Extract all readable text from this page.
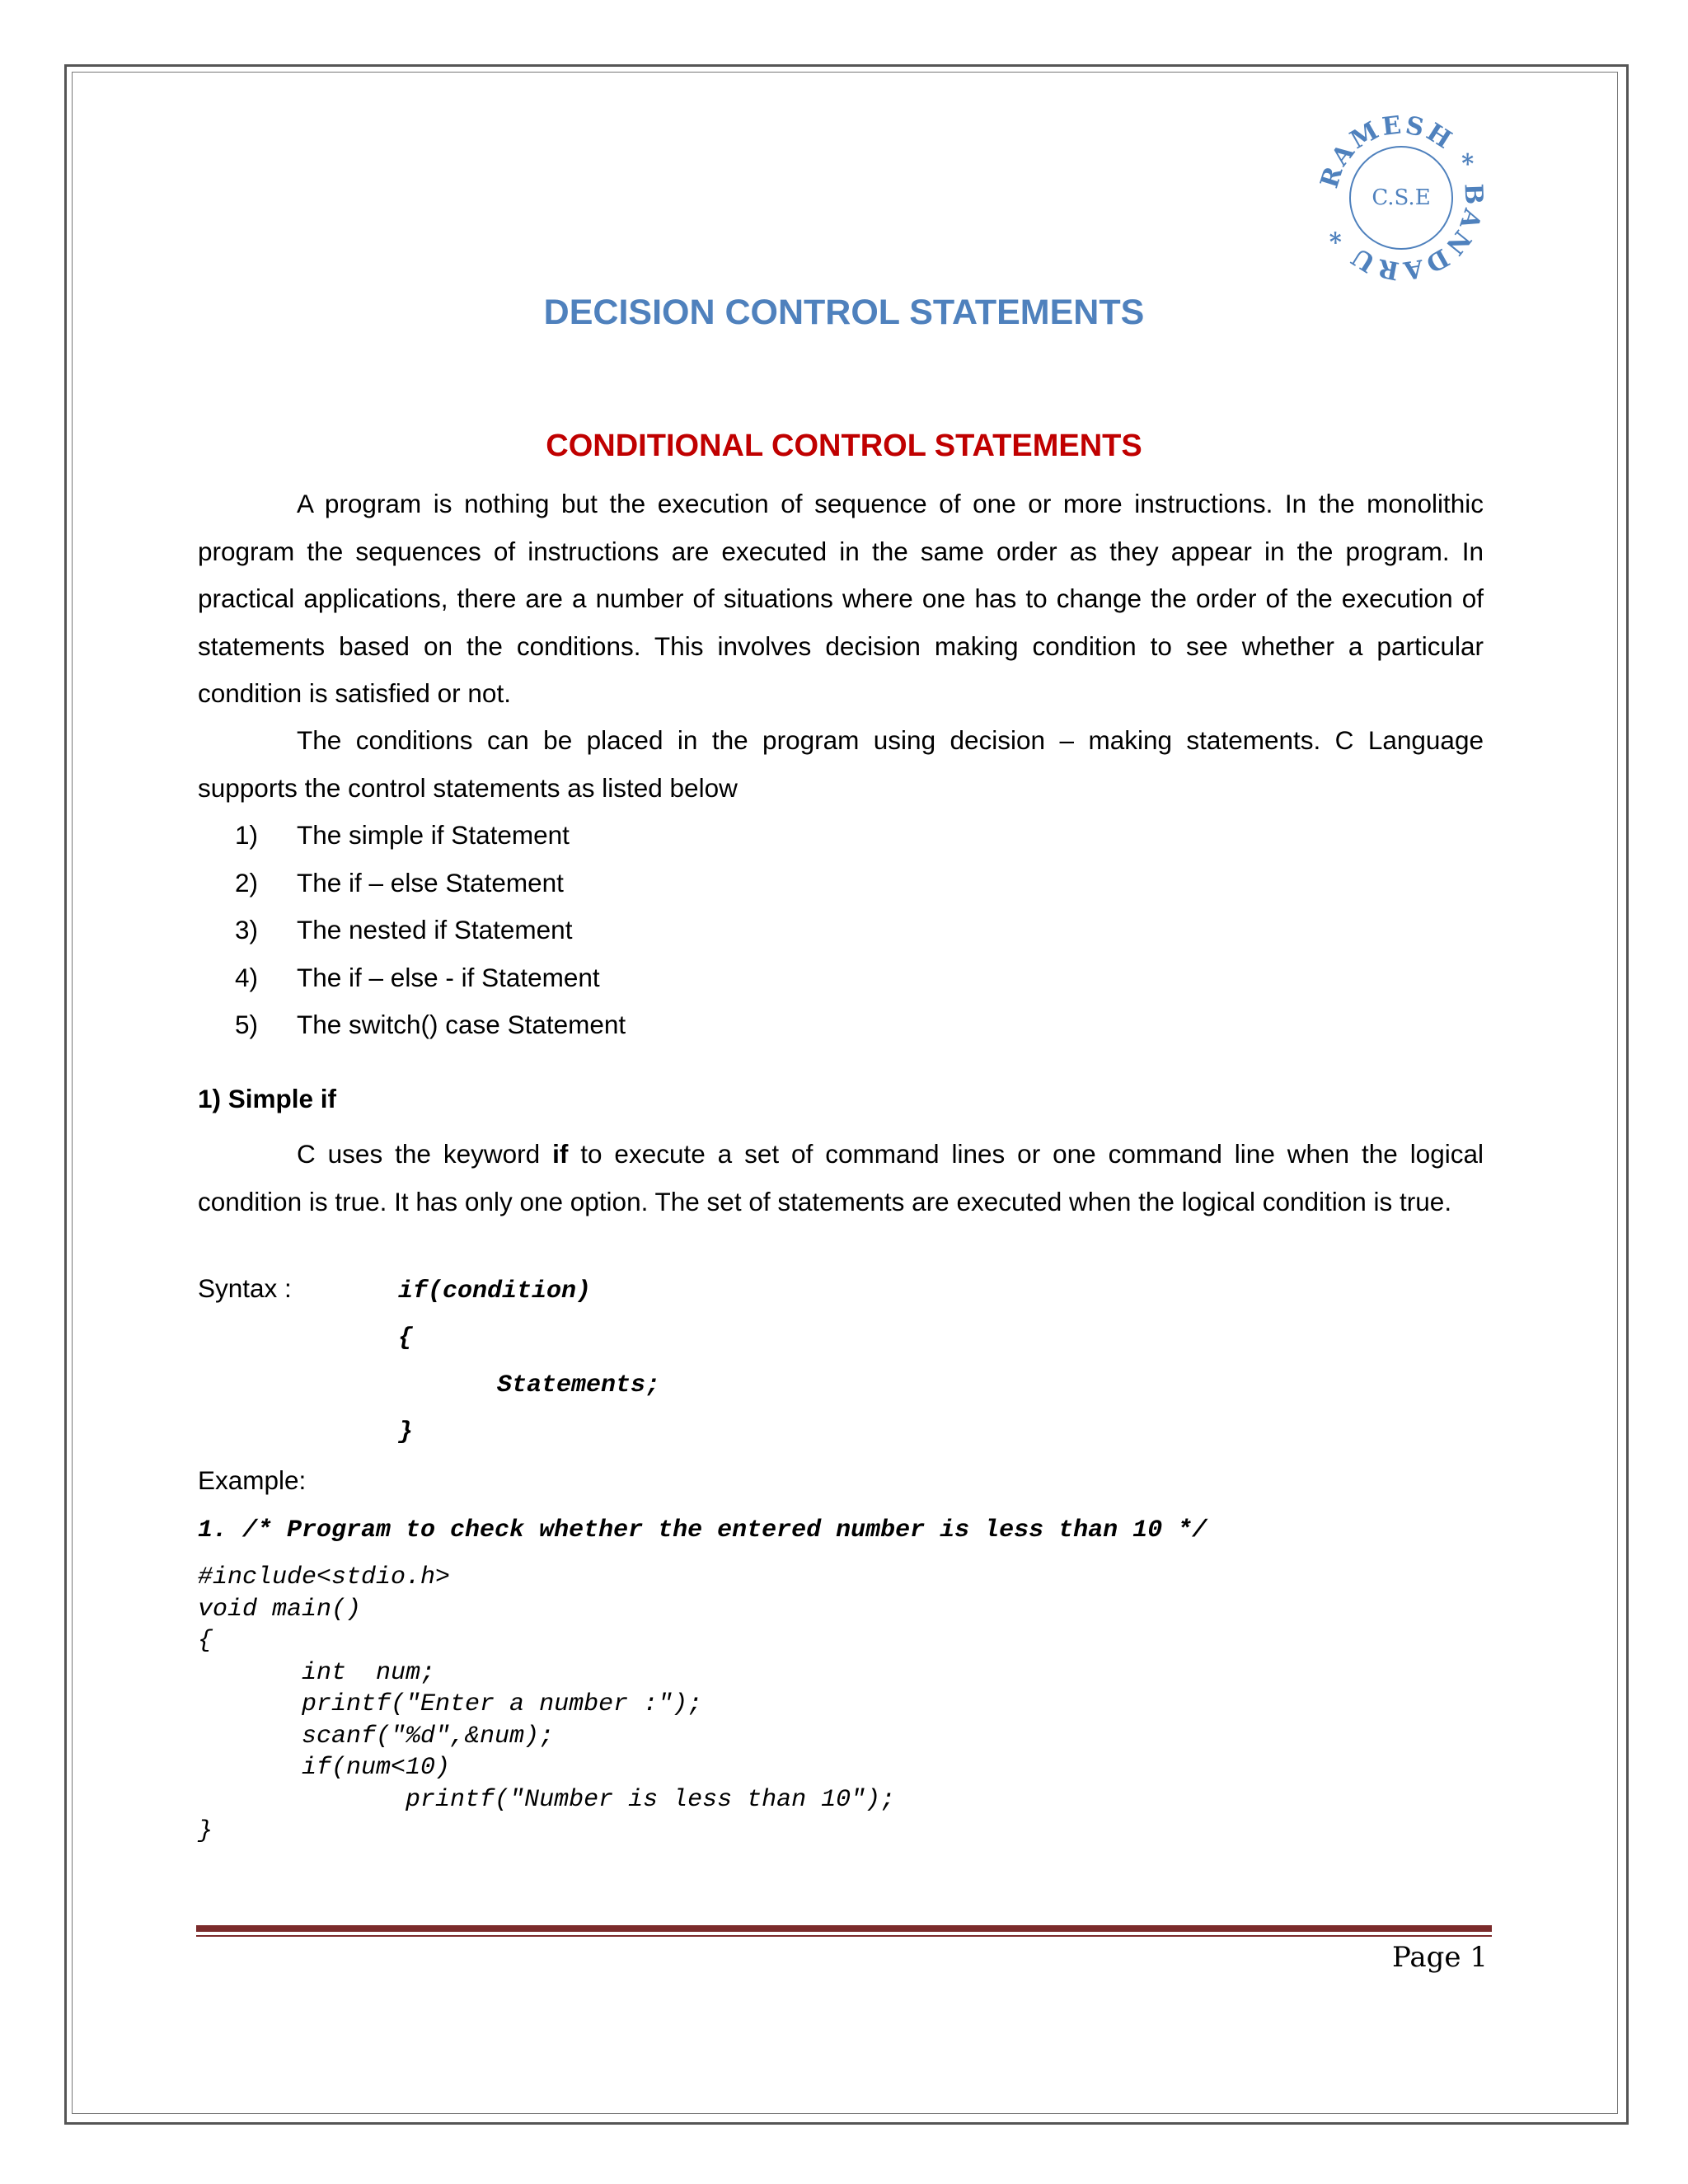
RAMESH * BANDARU *
C.S.E
DECISION CONTROL STATEMENTS
CONDITIONAL CONTROL STATEMENTS

A program is nothing but the execution of sequence of one or more instructions. In the monolithic program the sequences of instructions are executed in the same order as they appear in the program. In practical applications, there are a number of situations where one has to change the order of the execution of statements based on the conditions. This involves decision making condition to see whether a particular condition is satisfied or not.

The conditions can be placed in the program using decision – making statements. C Language supports the control statements as listed below

1)	The simple if Statement
2)	The if – else Statement
3)	The nested if Statement
4)	The if – else - if Statement
5)	The switch() case Statement

1) Simple if

C uses the keyword if to execute a set of command lines or one command line when the logical condition is true. It has only one option. The set of statements are executed when the logical condition is true.

Syntax :	if(condition)
{
Statements;
}
Example:
1. /* Program to check whether the entered number is less than 10 */
#include<stdio.h>
void main()
{
int  num;
printf("Enter a number :");
scanf("%d",&num);
if(num<10)
printf("Number is less than 10");
}
Page 1
